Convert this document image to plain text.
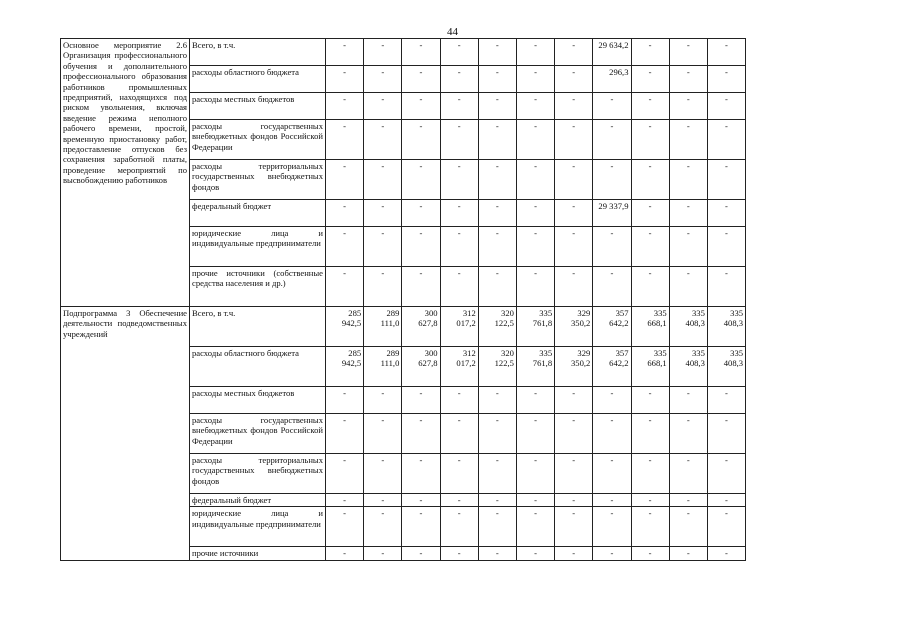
44
Основное мероприятие 2.6 Организация профессионального обучения и дополнительного профессионального образования работников промышленных предприятий, находящихся под риском увольнения, включая введение режима неполного рабочего времени, простой, временную приостановку работ, предоставление отпусков без сохранения заработной платы, проведение мероприятий по высвобождению работников	Всего, в т.ч.	-	-	-	-	-	-	-	29 634,2	-	-	-
	расходы областного бюджета	-	-	-	-	-	-	-	296,3	-	-	-
	расходы местных бюджетов	-	-	-	-	-	-	-	-	-	-	-
	расходы государственных внебюджетных фондов Российской Федерации	-	-	-	-	-	-	-	-	-	-	-
	расходы территориальных государственных внебюджетных фондов	-	-	-	-	-	-	-	-	-	-	-
	федеральный бюджет	-	-	-	-	-	-	-	29 337,9	-	-	-
	юридические лица и индивидуальные предприниматели	-	-	-	-	-	-	-	-	-	-	-
	прочие источники (собственные средства населения и др.)	-	-	-	-	-	-	-	-	-	-	-
Подпрограмма 3 Обеспечение деятельности подведомственных учреждений	Всего, в т.ч.	285 942,5	289 111,0	300 627,8	312 017,2	320 122,5	335 761,8	329 350,2	357 642,2	335 668,1	335 408,3	335 408,3
	расходы областного бюджета	285 942,5	289 111,0	300 627,8	312 017,2	320 122,5	335 761,8	329 350,2	357 642,2	335 668,1	335 408,3	335 408,3
	расходы местных бюджетов	-	-	-	-	-	-	-	-	-	-	-
	расходы государственных внебюджетных фондов Российской Федерации	-	-	-	-	-	-	-	-	-	-	-
	расходы территориальных государственных внебюджетных фондов	-	-	-	-	-	-	-	-	-	-	-
	федеральный бюджет	-	-	-	-	-	-	-	-	-	-	-
	юридические лица и индивидуальные предприниматели	-	-	-	-	-	-	-	-	-	-	-
	прочие источники	-	-	-	-	-	-	-	-	-	-	-
